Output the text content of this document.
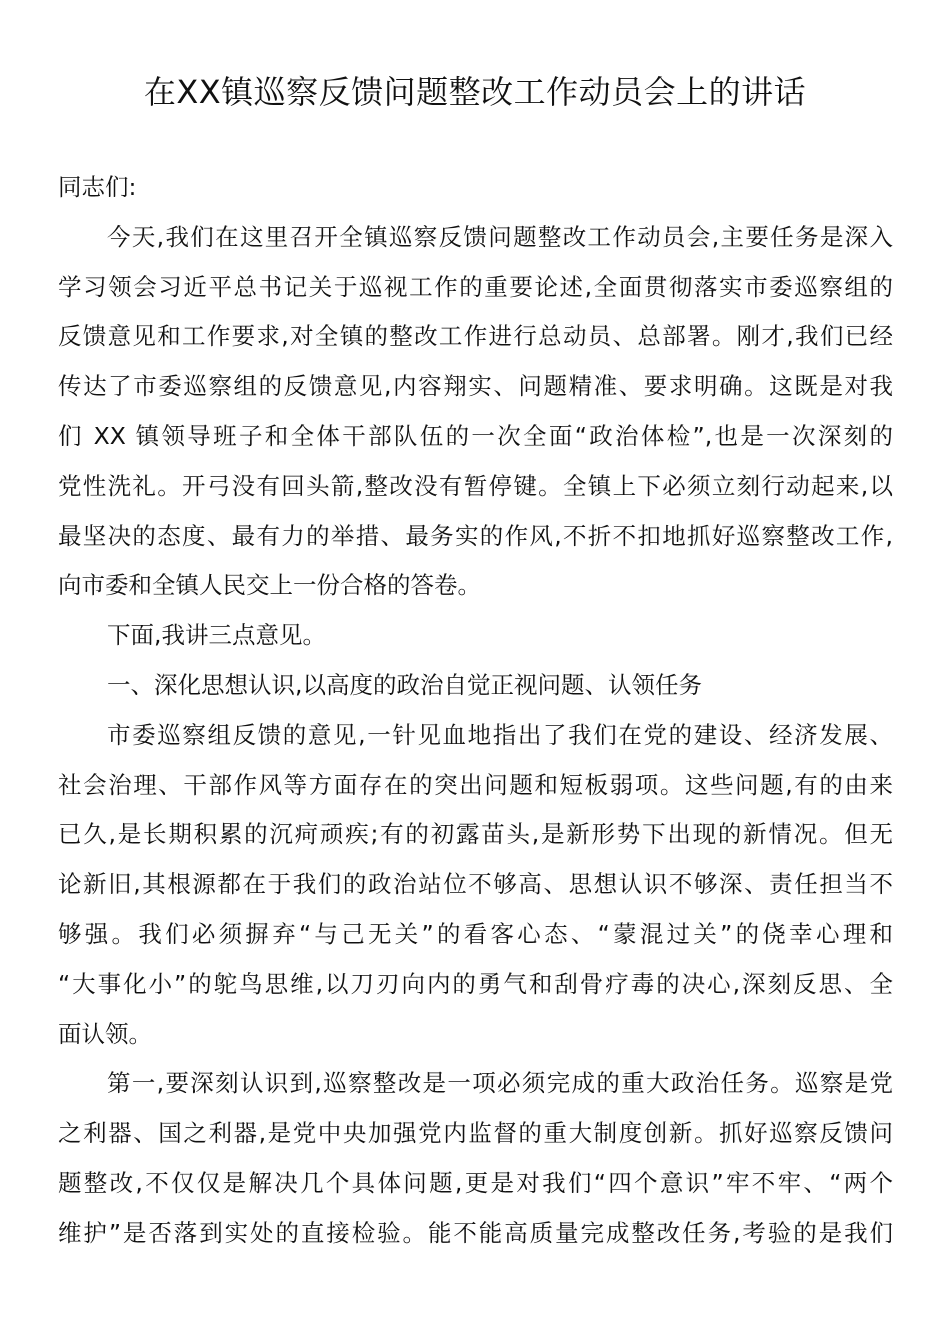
在XX镇巡察反馈问题整改工作动员会上的讲话
同志们:
今天,我们在这里召开全镇巡察反馈问题整改工作动员会,主要任务是深入
学习领会习近平总书记关于巡视工作的重要论述,全面贯彻落实市委巡察组的
反馈意见和工作要求,对全镇的整改工作进行总动员、总部署。刚才,我们已经
传达了市委巡察组的反馈意见,内容翔实、问题精准、要求明确。这既是对我
们 XX 镇领导班子和全体干部队伍的一次全面“政治体检”,也是一次深刻的
党性洗礼。开弓没有回头箭,整改没有暂停键。全镇上下必须立刻行动起来,以
最坚决的态度、最有力的举措、最务实的作风,不折不扣地抓好巡察整改工作,
向市委和全镇人民交上一份合格的答卷。
下面,我讲三点意见。
一、深化思想认识,以高度的政治自觉正视问题、认领任务
市委巡察组反馈的意见,一针见血地指出了我们在党的建设、经济发展、
社会治理、干部作风等方面存在的突出问题和短板弱项。这些问题,有的由来
已久,是长期积累的沉疴顽疾;有的初露苗头,是新形势下出现的新情况。但无
论新旧,其根源都在于我们的政治站位不够高、思想认识不够深、责任担当不
够强。我们必须摒弃“与己无关”的看客心态、“蒙混过关”的侥幸心理和
“大事化小”的鸵鸟思维,以刀刃向内的勇气和刮骨疗毒的决心,深刻反思、全
面认领。
第一,要深刻认识到,巡察整改是一项必须完成的重大政治任务。巡察是党
之利器、国之利器,是党中央加强党内监督的重大制度创新。抓好巡察反馈问
题整改,不仅仅是解决几个具体问题,更是对我们“四个意识”牢不牢、“两个
维护”是否落到实处的直接检验。能不能高质量完成整改任务,考验的是我们
